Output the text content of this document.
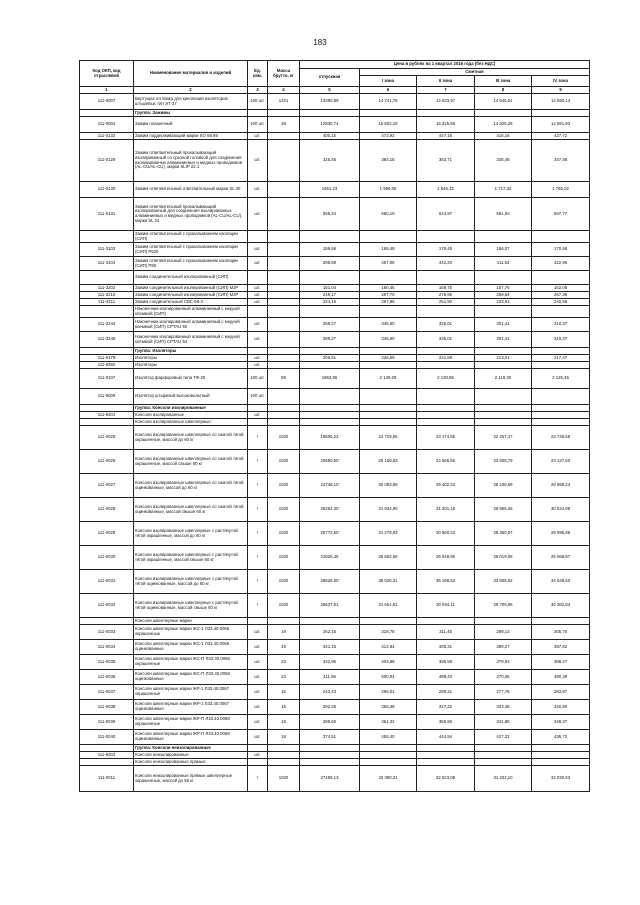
183
Код ОКП, код отраслевой	Наименование материалов и изделий	Ед. изм.	Масса брутто, кг	Цена в рублях на 1 квартал 2016 года (без НДС)				
				отпускная	Сметная			
					I зона	II зона	III зона	IV зона
1	2	3	4	5	6	7	8	9
111-0007	Вертушка отгловка для крепления изоляторов штыревых тип ЭТ-37	100 шт.	1221	13380,89	14 741,75	14 633,97	14 546,51	14 590,14
	Группа: Зажимы							
111-0004	Зажим плашечный	100 шт.	28	12830,74	15 602,18	15 225,56	14 825,28	14 851,93
111-0132	Зажим поддерживающий марки SO 69.95	шт.		400,15	473,92	447,18	416,16	427,72
111-0129	Зажим ответвительный прокалывающий изолированный со срезной головкой для соединения изолированных алюминиевых и медных проводников (AL-CU/AL-CU), марки SLIP 22.1	шт.		325,45	384,15	363,71	336,48	347,88
111-0130	Зажим ответвительный ответвительный марки SL 30	шт.		1651,23	1 969,05	1 846,32	1 717,32	1 765,02
111-0131	Зажим ответвительный прокалывающий изолированный для соединения изолированных алюминиевых и медных проводников (AL-CU/AL-CU), марки SL 24	шт.		559,24	660,10	624,97	581,62	597,77
	Зажим ответвительный с прокалыванием изоляции (СИП)							
111-3103	Зажим ответвительный с прокалыванием изоляции (СИП) Р630	шт.		159,68	188,48	178,45	166,07	170,68
111-3104	Зажим ответвительный с прокалыванием изоляции (СИП) Р95	шт.		395,69	467,06	442,20	411,53	422,96
	Зажим соединительный изолированный (СИП)							
111-3202	Зажим соединительный изолированный (СИП) MJP	шт.		151,04	180,45	169,75	157,76	162,06
111-3210	Зажим соединительный изолированный (СИП) MJP	шт.		249,17	297,70	278,96	259,64	267,35
111-3211	Зажим соединительный СВС-59-3	шт.		224,19	267,86	251,90	233,61	240,55
	Наконечник изолированный алюминиевый с медной клеммой (СИП)							
111-3244	Наконечник изолированный алюминиевый с медной клеммой (СИП) СРТАU 50	шт.		289,27	345,60	325,01	301,41	310,37
111-3245	Наконечник изолированный алюминиевый с медной клеммой (СИП) СРТАU 54	шт.		289,27	345,60	325,01	301,41	310,37
	Группа: Изоляторы							
111-6179	Изоляторы	шт.		206,51	226,59	221,68	213,01	217,47
111-9360	Изоляторы	шт.						
111-0107	Изолятор фарфоровый типа ТФ-20	100 шт.	59	1863,86	2 149,09	2 130,86	2 118,30	2 125,45
111-9009	Изолятор штыревой высоковольтный	100 шт.						
	Группа: Консоли изолированные							
111-9201	Консоли изолированные	шт.						
	Консоли изолированные швеллерные:							
111-0025	Консоли изолированные швеллерные со сжатой тягой окрашенные, массой до 60 кг	т	1020	19506,22	23 719,56	23 174,55	22 257,47	22 746,58
111-0026	Консоли изолированные швеллерные со сжатой тягой окрашенные, массой свыше 60 кг	т	1020	20690,50	25 159,63	24 565,55	23 608,79	24 127,60
111-0027	Консоли изолированные швеллерные со сжатой тягой оцинкованные, массой до 60 кг	т	1020	24748,10	30 093,69	29 402,22	28 238,69	28 859,24
111-0028	Консоли изолированные швеллерные со сжатой тягой оцинкованные, массой свыше 60 кг	т	1020	26262,30	31 934,90	31 201,18	29 966,45	30 624,98
111-0029	Консоли изолированные швеллерные с растянутой тягой окрашенные, массой до 60 кг	т	1020	25772,60	31 278,93	30 560,22	29 350,87	29 995,86
111-0030	Консоли изолированные швеллерные с растянутой тягой окрашенные, массой свыше 60 кг	т	1020	21926,46	26 662,58	26 049,95	25 019,08	25 568,87
111-0031	Консоли изолированные швеллерные с растянутой тягой оцинкованные, массой до 60 кг	т	1020	29826,90	36 026,31	35 198,53	33 805,62	34 548,50
111-0032	Консоли изолированные швеллерные с растянутой тягой оцинкованные, массой свыше 60 кг	т	1020	26637,51	31 661,61	30 934,11	29 709,96	30 362,84
	Консоли швеллерные марки							
111-0033	Консоли швеллерные марки ЖС-1 Л33.40.0066 окрашенные	шт.	19	262,15	318,78	311,45	299,13	305,70
111-0034	Консоли швеллерные марки ЖС-1 Л33.40.0066 оцинкованные	шт.	19	341,15	414,84	405,31	389,27	397,82
111-0035	Консоли швеллерные марки ЖС-П Л33.40.0066 окрашенные	шт.	23	332,96	404,88	395,58	379,92	388,27
111-0036	Консоли швеллерные марки ЖС-П Л33.40.0066 оцинкованные	шт.	23	411,96	500,94	489,43	470,06	480,39
111-0037	Консоли швеллерные марки ЖР-1 Л33.40.0067 окрашенные	шт.	15	243,43	296,01	289,21	277,76	283,87
111-0038	Консоли швеллерные марки ЖР-1 Л33.40.0067 оцинкованные	шт.	15	292,25	355,38	347,22	333,48	340,80
111-0039	Консоли швеллерные марки ЖР-П Л33.40.0068 окрашенные	шт.	18	299,60	364,32	355,95	341,86	349,37
111-0040	Консоли швеллерные марки ЖР-П Л33.40.0068 оцинкованные	шт.	18	374,51	455,40	444,94	427,33	436,72
	Группа: Консоли неизолированные							
111-9202	Консоли неизолированные	шт.						
	Консоли неизолированные прямые:							
111-0011	Консоли неизолированные прямые швеллерные окрашенные, массой до 56 кг	т	1020	27459,13	33 390,31	32 623,09	31 332,10	32 020,63
